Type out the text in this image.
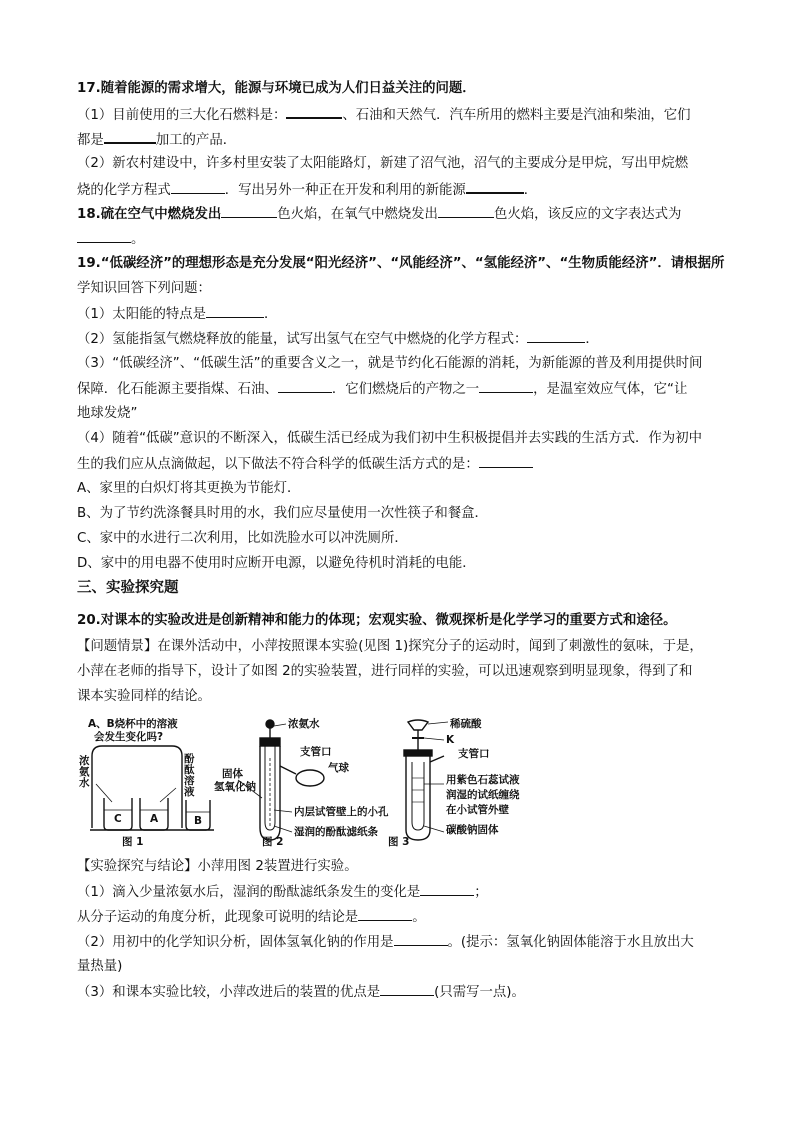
17.随着能源的需求增大，能源与环境已成为人们日益关注的问题．
（1）目前使用的三大化石燃料是：	、石油和天然气．汽车所用的燃料主要是汽油和柴油，它们
都是	加工的产品．
（2）新农村建设中，许多村里安装了太阳能路灯，新建了沼气池，沼气的主要成分是甲烷，写出甲烷燃
烧的化学方程式	．写出另外一种正在开发和利用的新能源	．
18.硫在空气中燃烧发出	色火焰，在氧气中燃烧发出	色火焰，该反应的文字表达式为
。
19.“低碳经济”的理想形态是充分发展“阳光经济”、“风能经济”、“氢能经济”、“生物质能经济”．请根据所
学知识回答下列问题：
（1）太阳能的特点是	．
（2）氢能指氢气燃烧释放的能量，试写出氢气在空气中燃烧的化学方程式：	．
（3）“低碳经济”、“低碳生活”的重要含义之一，就是节约化石能源的消耗，为新能源的普及利用提供时间
保障．化石能源主要指煤、石油、	．它们燃烧后的产物之一	，是温室效应气体，它“让
地球发烧”
（4）随着“低碳”意识的不断深入，低碳生活已经成为我们初中生积极提倡并去实践的生活方式．作为初中
生的我们应从点滴做起，以下做法不符合科学的低碳生活方式的是：
A、家里的白炽灯将其更换为节能灯．
B、为了节约洗涤餐具时用的水，我们应尽量使用一次性筷子和餐盒．
C、家中的水进行二次利用，比如洗脸水可以冲洗厕所．
D、家中的用电器不使用时应断开电源，以避免待机时消耗的电能．
三、实验探究题
20.对课本的实验改进是创新精神和能力的体现；宏观实验、微观探析是化学学习的重要方式和途径。
【问题情景】在课外活动中，小萍按照课本实验(见图 1)探究分子的运动时，闻到了刺激性的氨味，于是，
小萍在老师的指导下，设计了如图 2的实验装置，进行同样的实验，可以迅速观察到明显现象，得到了和
课本实验同样的结论。
A、B烧杯中的溶液
会发生变化吗?
浓氨水
酚酞溶液
C	A	B
图 1
浓氨水
支管口
气球
固体
氢氧化钠
内层试管壁上的小孔
湿润的酚酞滤纸条
图 2
稀硫酸
K
支管口
用紫色石蕊试液
润湿的试纸缠绕
在小试管外壁
碳酸钠固体
图 3
【实验探究与结论】小萍用图 2装置进行实验。
（1）滴入少量浓氨水后，湿润的酚酞滤纸条发生的变化是	；
从分子运动的角度分析，此现象可说明的结论是	。
（2）用初中的化学知识分析，固体氢氧化钠的作用是	。(提示：氢氧化钠固体能溶于水且放出大
量热量)
（3）和课本实验比较，小萍改进后的装置的优点是	(只需写一点)。
